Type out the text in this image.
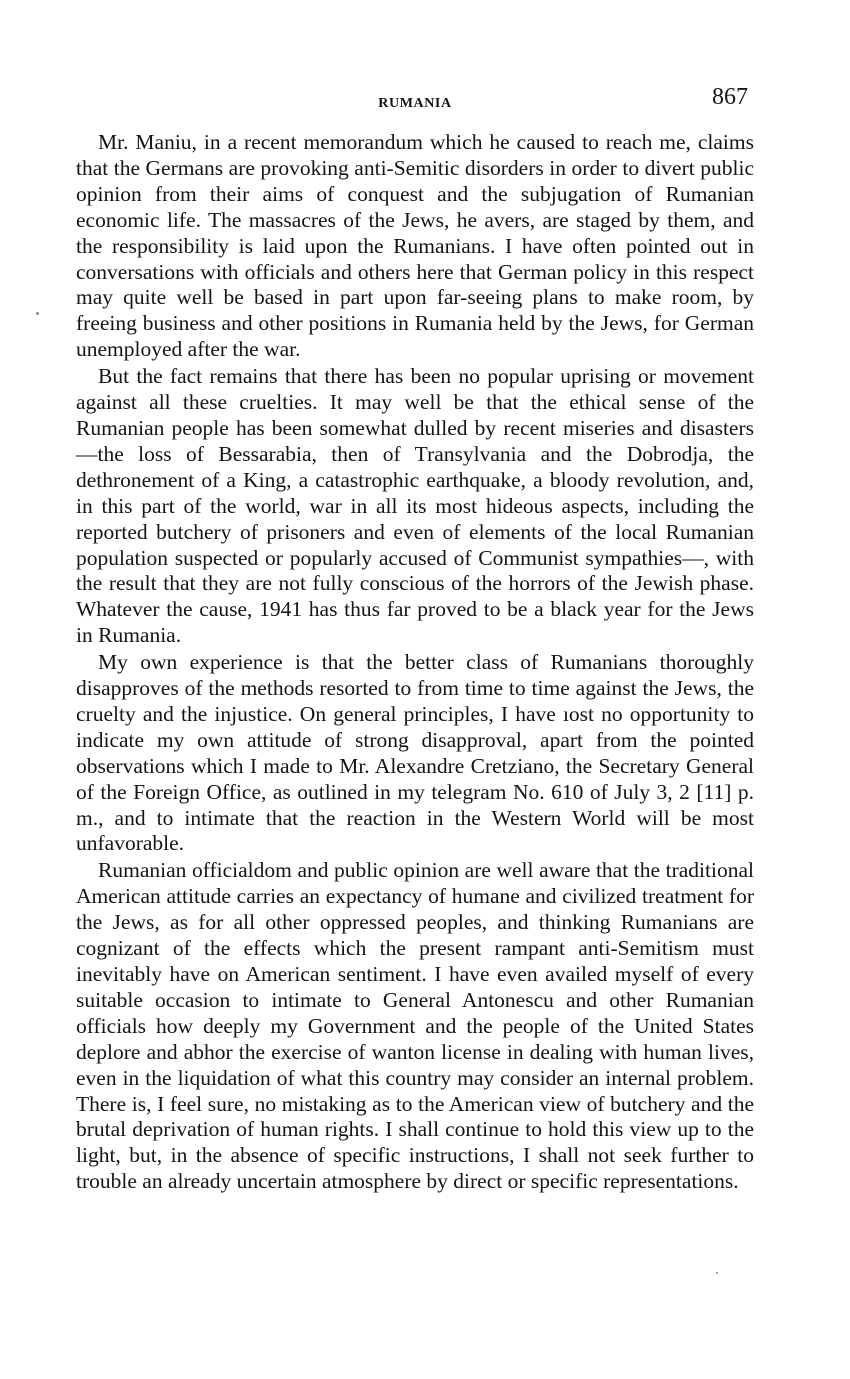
RUMANIA	867

Mr. Maniu, in a recent memorandum which he caused to reach me, claims that the Germans are provoking anti-Semitic disorders in order to divert public opinion from their aims of conquest and the subjugation of Rumanian economic life. The massacres of the Jews, he avers, are staged by them, and the responsibility is laid upon the Rumanians. I have often pointed out in conversations with officials and others here that German policy in this respect may quite well be based in part upon far-seeing plans to make room, by freeing business and other positions in Rumania held by the Jews, for German unemployed after the war.

But the fact remains that there has been no popular uprising or movement against all these cruelties. It may well be that the ethical sense of the Rumanian people has been somewhat dulled by recent miseries and disasters—the loss of Bessarabia, then of Transylvania and the Dobrodja, the dethronement of a King, a catastrophic earthquake, a bloody revolution, and, in this part of the world, war in all its most hideous aspects, including the reported butchery of prisoners and even of elements of the local Rumanian population suspected or popularly accused of Communist sympathies—, with the result that they are not fully conscious of the horrors of the Jewish phase. Whatever the cause, 1941 has thus far proved to be a black year for the Jews in Rumania.

My own experience is that the better class of Rumanians thoroughly disapproves of the methods resorted to from time to time against the Jews, the cruelty and the injustice. On general principles, I have ıost no opportunity to indicate my own attitude of strong disapproval, apart from the pointed observations which I made to Mr. Alexandre Cretziano, the Secretary General of the Foreign Office, as outlined in my telegram No. 610 of July 3, 2 [11] p. m., and to intimate that the reaction in the Western World will be most unfavorable.

Rumanian officialdom and public opinion are well aware that the traditional American attitude carries an expectancy of humane and civilized treatment for the Jews, as for all other oppressed peoples, and thinking Rumanians are cognizant of the effects which the present rampant anti-Semitism must inevitably have on American sentiment. I have even availed myself of every suitable occasion to intimate to General Antonescu and other Rumanian officials how deeply my Government and the people of the United States deplore and abhor the exercise of wanton license in dealing with human lives, even in the liquidation of what this country may consider an internal problem. There is, I feel sure, no mistaking as to the American view of butchery and the brutal deprivation of human rights. I shall continue to hold this view up to the light, but, in the absence of specific instructions, I shall not seek further to trouble an already uncertain atmosphere by direct or specific representations.
